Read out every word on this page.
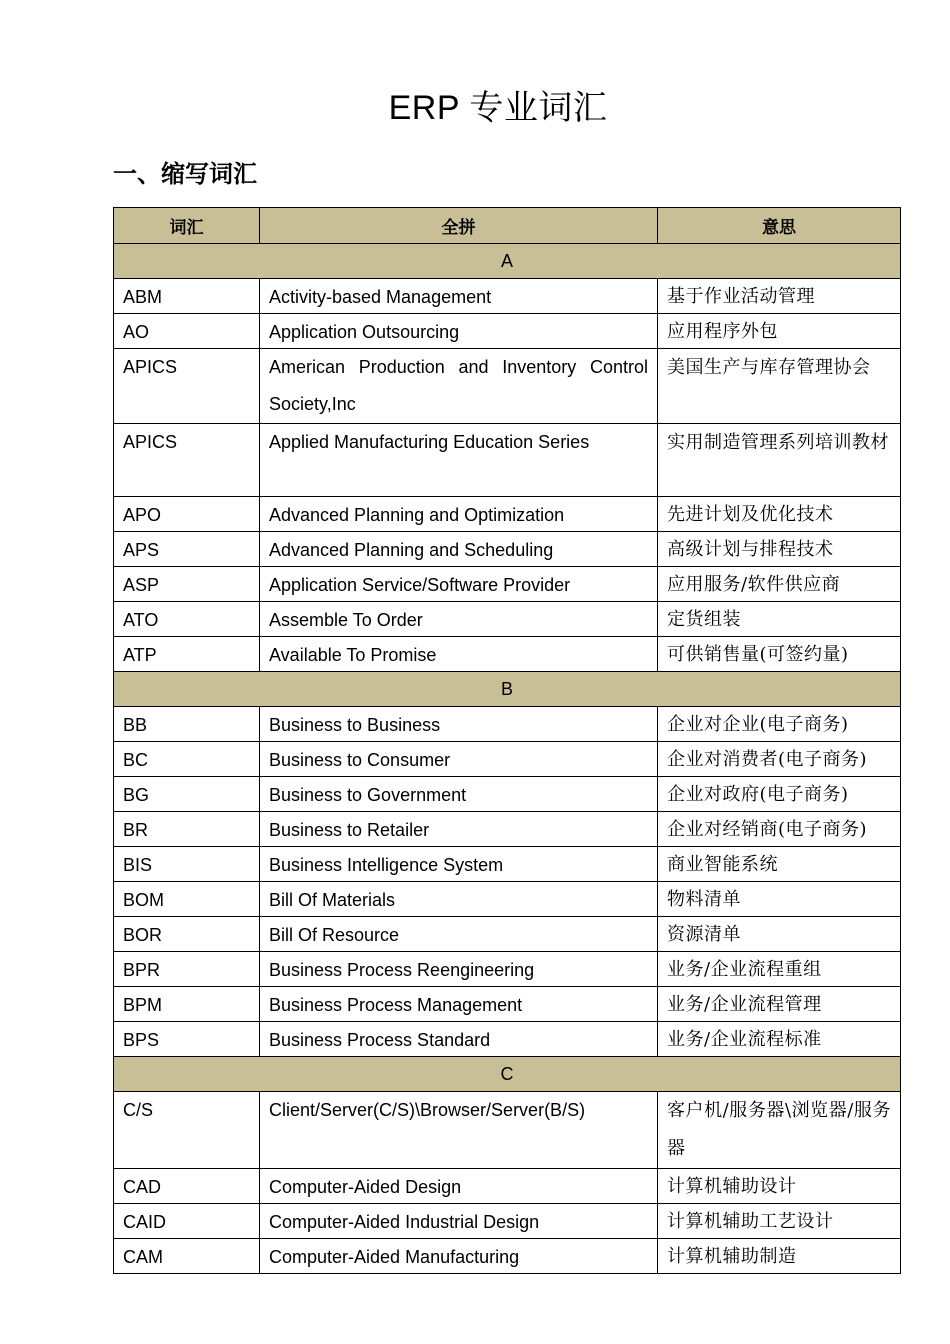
ERP 专业词汇
一、缩写词汇
词汇	全拼	意思
A		
ABM	Activity-based Management	基于作业活动管理
AO	Application Outsourcing	应用程序外包
APICS	American Production and Inventory Control Society,Inc	美国生产与库存管理协会
APICS	Applied Manufacturing Education Series	实用制造管理系列培训教材
APO	Advanced Planning and Optimization	先进计划及优化技术
APS	Advanced Planning and Scheduling	高级计划与排程技术
ASP	Application Service/Software Provider	应用服务/软件供应商
ATO	Assemble To Order	定货组装
ATP	Available To Promise	可供销售量(可签约量)
B		
BB	Business to Business	企业对企业(电子商务)
BC	Business to Consumer	企业对消费者(电子商务)
BG	Business to Government	企业对政府(电子商务)
BR	Business to Retailer	企业对经销商(电子商务)
BIS	Business Intelligence System	商业智能系统
BOM	Bill Of Materials	物料清单
BOR	Bill Of Resource	资源清单
BPR	Business Process Reengineering	业务/企业流程重组
BPM	Business Process Management	业务/企业流程管理
BPS	Business Process Standard	业务/企业流程标准
C		
C/S	Client/Server(C/S)\Browser/Server(B/S)	客户机/服务器\浏览器/服务器
CAD	Computer-Aided Design	计算机辅助设计
CAID	Computer-Aided Industrial Design	计算机辅助工艺设计
CAM	Computer-Aided Manufacturing	计算机辅助制造
